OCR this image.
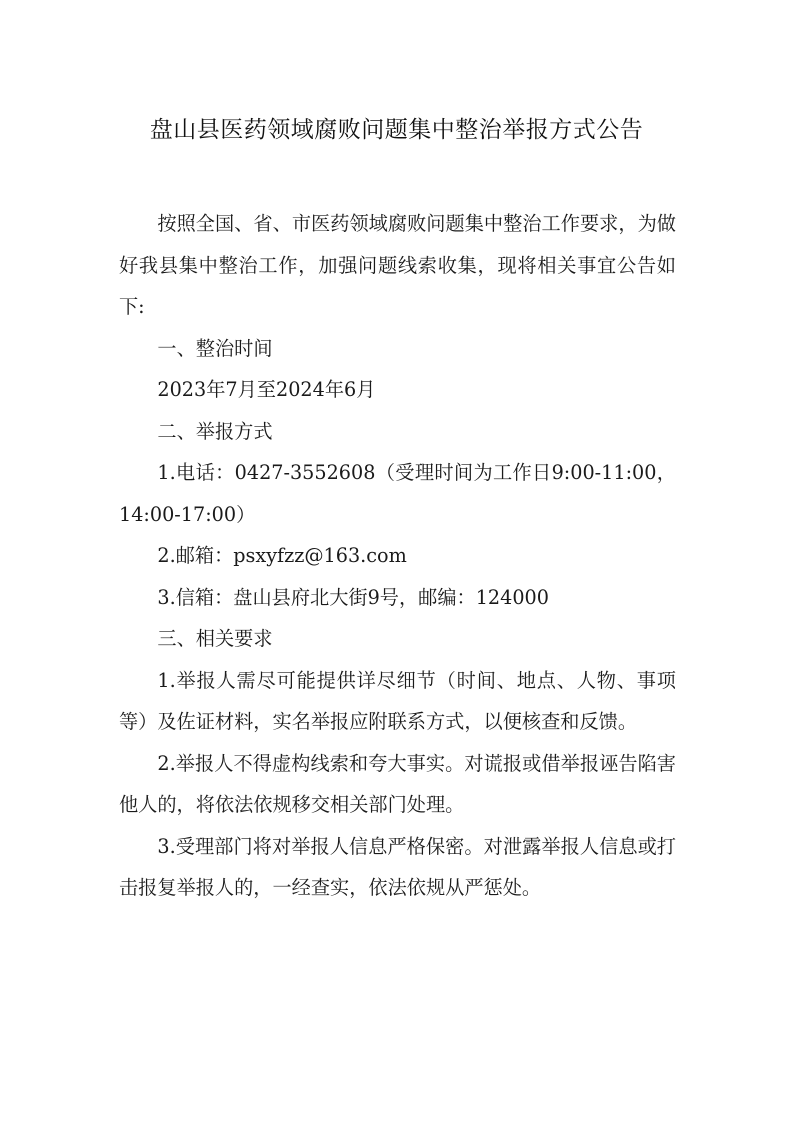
盘山县医药领域腐败问题集中整治举报方式公告

按照全国、省、市医药领域腐败问题集中整治工作要求，为做好我县集中整治工作，加强问题线索收集，现将相关事宜公告如下:

一、整治时间

2023年7月至2024年6月

二、举报方式

1.电话：0427-3552608（受理时间为工作日9:00-11:00，14:00-17:00）

2.邮箱：psxyfzz@163.com

3.信箱：盘山县府北大街9号，邮编：124000

三、相关要求

1.举报人需尽可能提供详尽细节（时间、地点、人物、事项等）及佐证材料，实名举报应附联系方式，以便核查和反馈。

2.举报人不得虚构线索和夸大事实。对谎报或借举报诬告陷害他人的，将依法依规移交相关部门处理。

3.受理部门将对举报人信息严格保密。对泄露举报人信息或打击报复举报人的，一经查实，依法依规从严惩处。
